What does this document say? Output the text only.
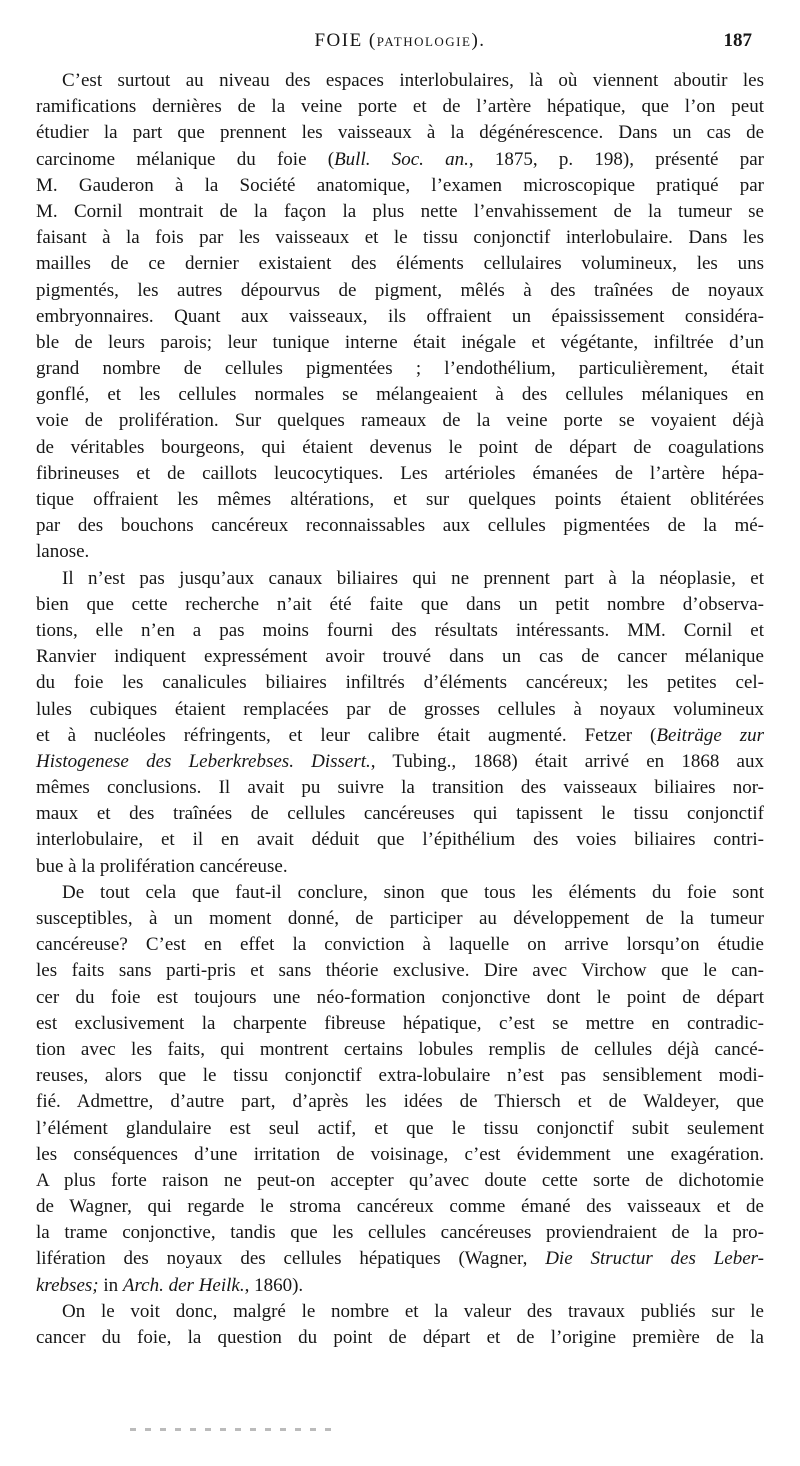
FOIE (PATHOLOGIE).	187
C’est surtout au niveau des espaces interlobulaires, là où viennent aboutir les
ramifications dernières de la veine porte et de l’artère hépatique, que l’on peut
étudier la part que prennent les vaisseaux à la dégénérescence. Dans un cas de
carcinome mélanique du foie (Bull. Soc. an., 1875, p. 198), présenté par
M. Gauderon à la Société anatomique, l’examen microscopique pratiqué par
M. Cornil montrait de la façon la plus nette l’envahissement de la tumeur se
faisant à la fois par les vaisseaux et le tissu conjonctif interlobulaire. Dans les
mailles de ce dernier existaient des éléments cellulaires volumineux, les uns
pigmentés, les autres dépourvus de pigment, mêlés à des traînées de noyaux
embryonnaires. Quant aux vaisseaux, ils offraient un épaississement considéra-
ble de leurs parois; leur tunique interne était inégale et végétante, infiltrée d’un
grand nombre de cellules pigmentées ; l’endothélium, particulièrement, était
gonflé, et les cellules normales se mélangeaient à des cellules mélaniques en
voie de prolifération. Sur quelques rameaux de la veine porte se voyaient déjà
de véritables bourgeons, qui étaient devenus le point de départ de coagulations
fibrineuses et de caillots leucocytiques. Les artérioles émanées de l’artère hépa-
tique offraient les mêmes altérations, et sur quelques points étaient oblitérées
par des bouchons cancéreux reconnaissables aux cellules pigmentées de la mé-
lanose.
Il n’est pas jusqu’aux canaux biliaires qui ne prennent part à la néoplasie, et
bien que cette recherche n’ait été faite que dans un petit nombre d’observa-
tions, elle n’en a pas moins fourni des résultats intéressants. MM. Cornil et
Ranvier indiquent expressément avoir trouvé dans un cas de cancer mélanique
du foie les canalicules biliaires infiltrés d’éléments cancéreux; les petites cel-
lules cubiques étaient remplacées par de grosses cellules à noyaux volumineux
et à nucléoles réfringents, et leur calibre était augmenté. Fetzer (Beiträge zur
Histogenese des Leberkrebses. Dissert., Tubing., 1868) était arrivé en 1868 aux
mêmes conclusions. Il avait pu suivre la transition des vaisseaux biliaires nor-
maux et des traînées de cellules cancéreuses qui tapissent le tissu conjonctif
interlobulaire, et il en avait déduit que l’épithélium des voies biliaires contri-
bue à la prolifération cancéreuse.
De tout cela que faut-il conclure, sinon que tous les éléments du foie sont
susceptibles, à un moment donné, de participer au développement de la tumeur
cancéreuse? C’est en effet la conviction à laquelle on arrive lorsqu’on étudie
les faits sans parti-pris et sans théorie exclusive. Dire avec Virchow que le can-
cer du foie est toujours une néo-formation conjonctive dont le point de départ
est exclusivement la charpente fibreuse hépatique, c’est se mettre en contradic-
tion avec les faits, qui montrent certains lobules remplis de cellules déjà cancé-
reuses, alors que le tissu conjonctif extra-lobulaire n’est pas sensiblement modi-
fié. Admettre, d’autre part, d’après les idées de Thiersch et de Waldeyer, que
l’élément glandulaire est seul actif, et que le tissu conjonctif subit seulement
les conséquences d’une irritation de voisinage, c’est évidemment une exagération.
A plus forte raison ne peut-on accepter qu’avec doute cette sorte de dichotomie
de Wagner, qui regarde le stroma cancéreux comme émané des vaisseaux et de
la trame conjonctive, tandis que les cellules cancéreuses proviendraient de la pro-
lifération des noyaux des cellules hépatiques (Wagner, Die Structur des Leber-
krebses; in Arch. der Heilk., 1860).
On le voit donc, malgré le nombre et la valeur des travaux publiés sur le
cancer du foie, la question du point de départ et de l’origine première de la
